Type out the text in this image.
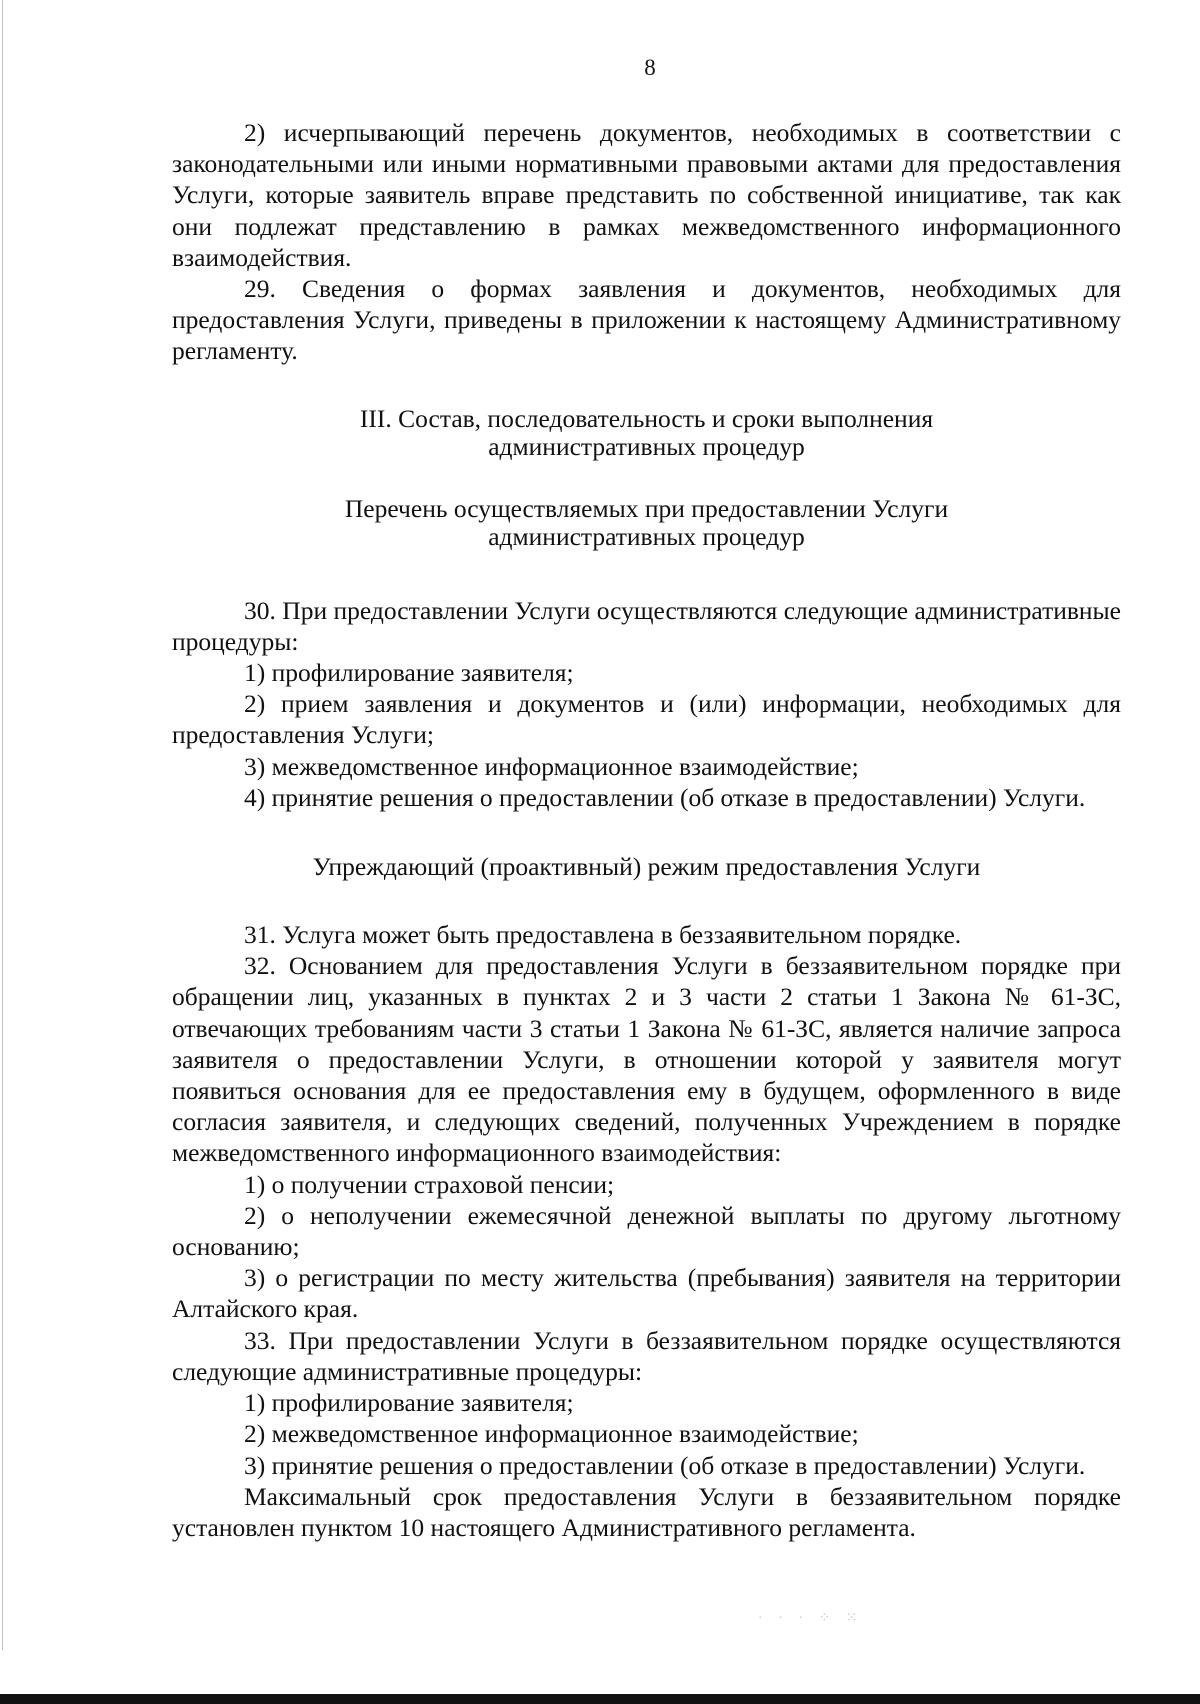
8

2) исчерпывающий перечень документов, необходимых в соответствии с законодательными или иными нормативными правовыми актами для предоставления Услуги, которые заявитель вправе представить по собственной инициативе, так как они подлежат представлению в рамках межведомственного информационного взаимодействия.

29. Сведения о формах заявления и документов, необходимых для предоставления Услуги, приведены в приложении к настоящему Административному регламенту.

III. Состав, последовательность и сроки выполнения
административных процедур
Перечень осуществляемых при предоставлении Услуги
административных процедур

30. При предоставлении Услуги осуществляются следующие административные процедуры:

1) профилирование заявителя;

2) прием заявления и документов и (или) информации, необходимых для предоставления Услуги;

3) межведомственное информационное взаимодействие;

4) принятие решения о предоставлении (об отказе в предоставлении) Услуги.

Упреждающий (проактивный) режим предоставления Услуги

31. Услуга может быть предоставлена в беззаявительном порядке.

32. Основанием для предоставления Услуги в беззаявительном порядке при обращении лиц, указанных в пунктах 2 и 3 части 2 статьи 1 Закона № 61-ЗС, отвечающих требованиям части 3 статьи 1 Закона № 61-ЗС, является наличие запроса заявителя о предоставлении Услуги, в отношении которой у заявителя могут появиться основания для ее предоставления ему в будущем, оформленного в виде согласия заявителя, и следующих сведений, полученных Учреждением в порядке межведомственного информационного взаимодействия:

1) о получении страховой пенсии;

2) о неполучении ежемесячной денежной выплаты по другому льготному основанию;

3) о регистрации по месту жительства (пребывания) заявителя на территории Алтайского края.

33. При предоставлении Услуги в беззаявительном порядке осуществляются следующие административные процедуры:

1) профилирование заявителя;

2) межведомственное информационное взаимодействие;

3) принятие решения о предоставлении (об отказе в предоставлении) Услуги.

Максимальный срок предоставления Услуги в беззаявительном порядке установлен пунктом 10 настоящего Административного регламента.

· · · ⁘ ⁙
